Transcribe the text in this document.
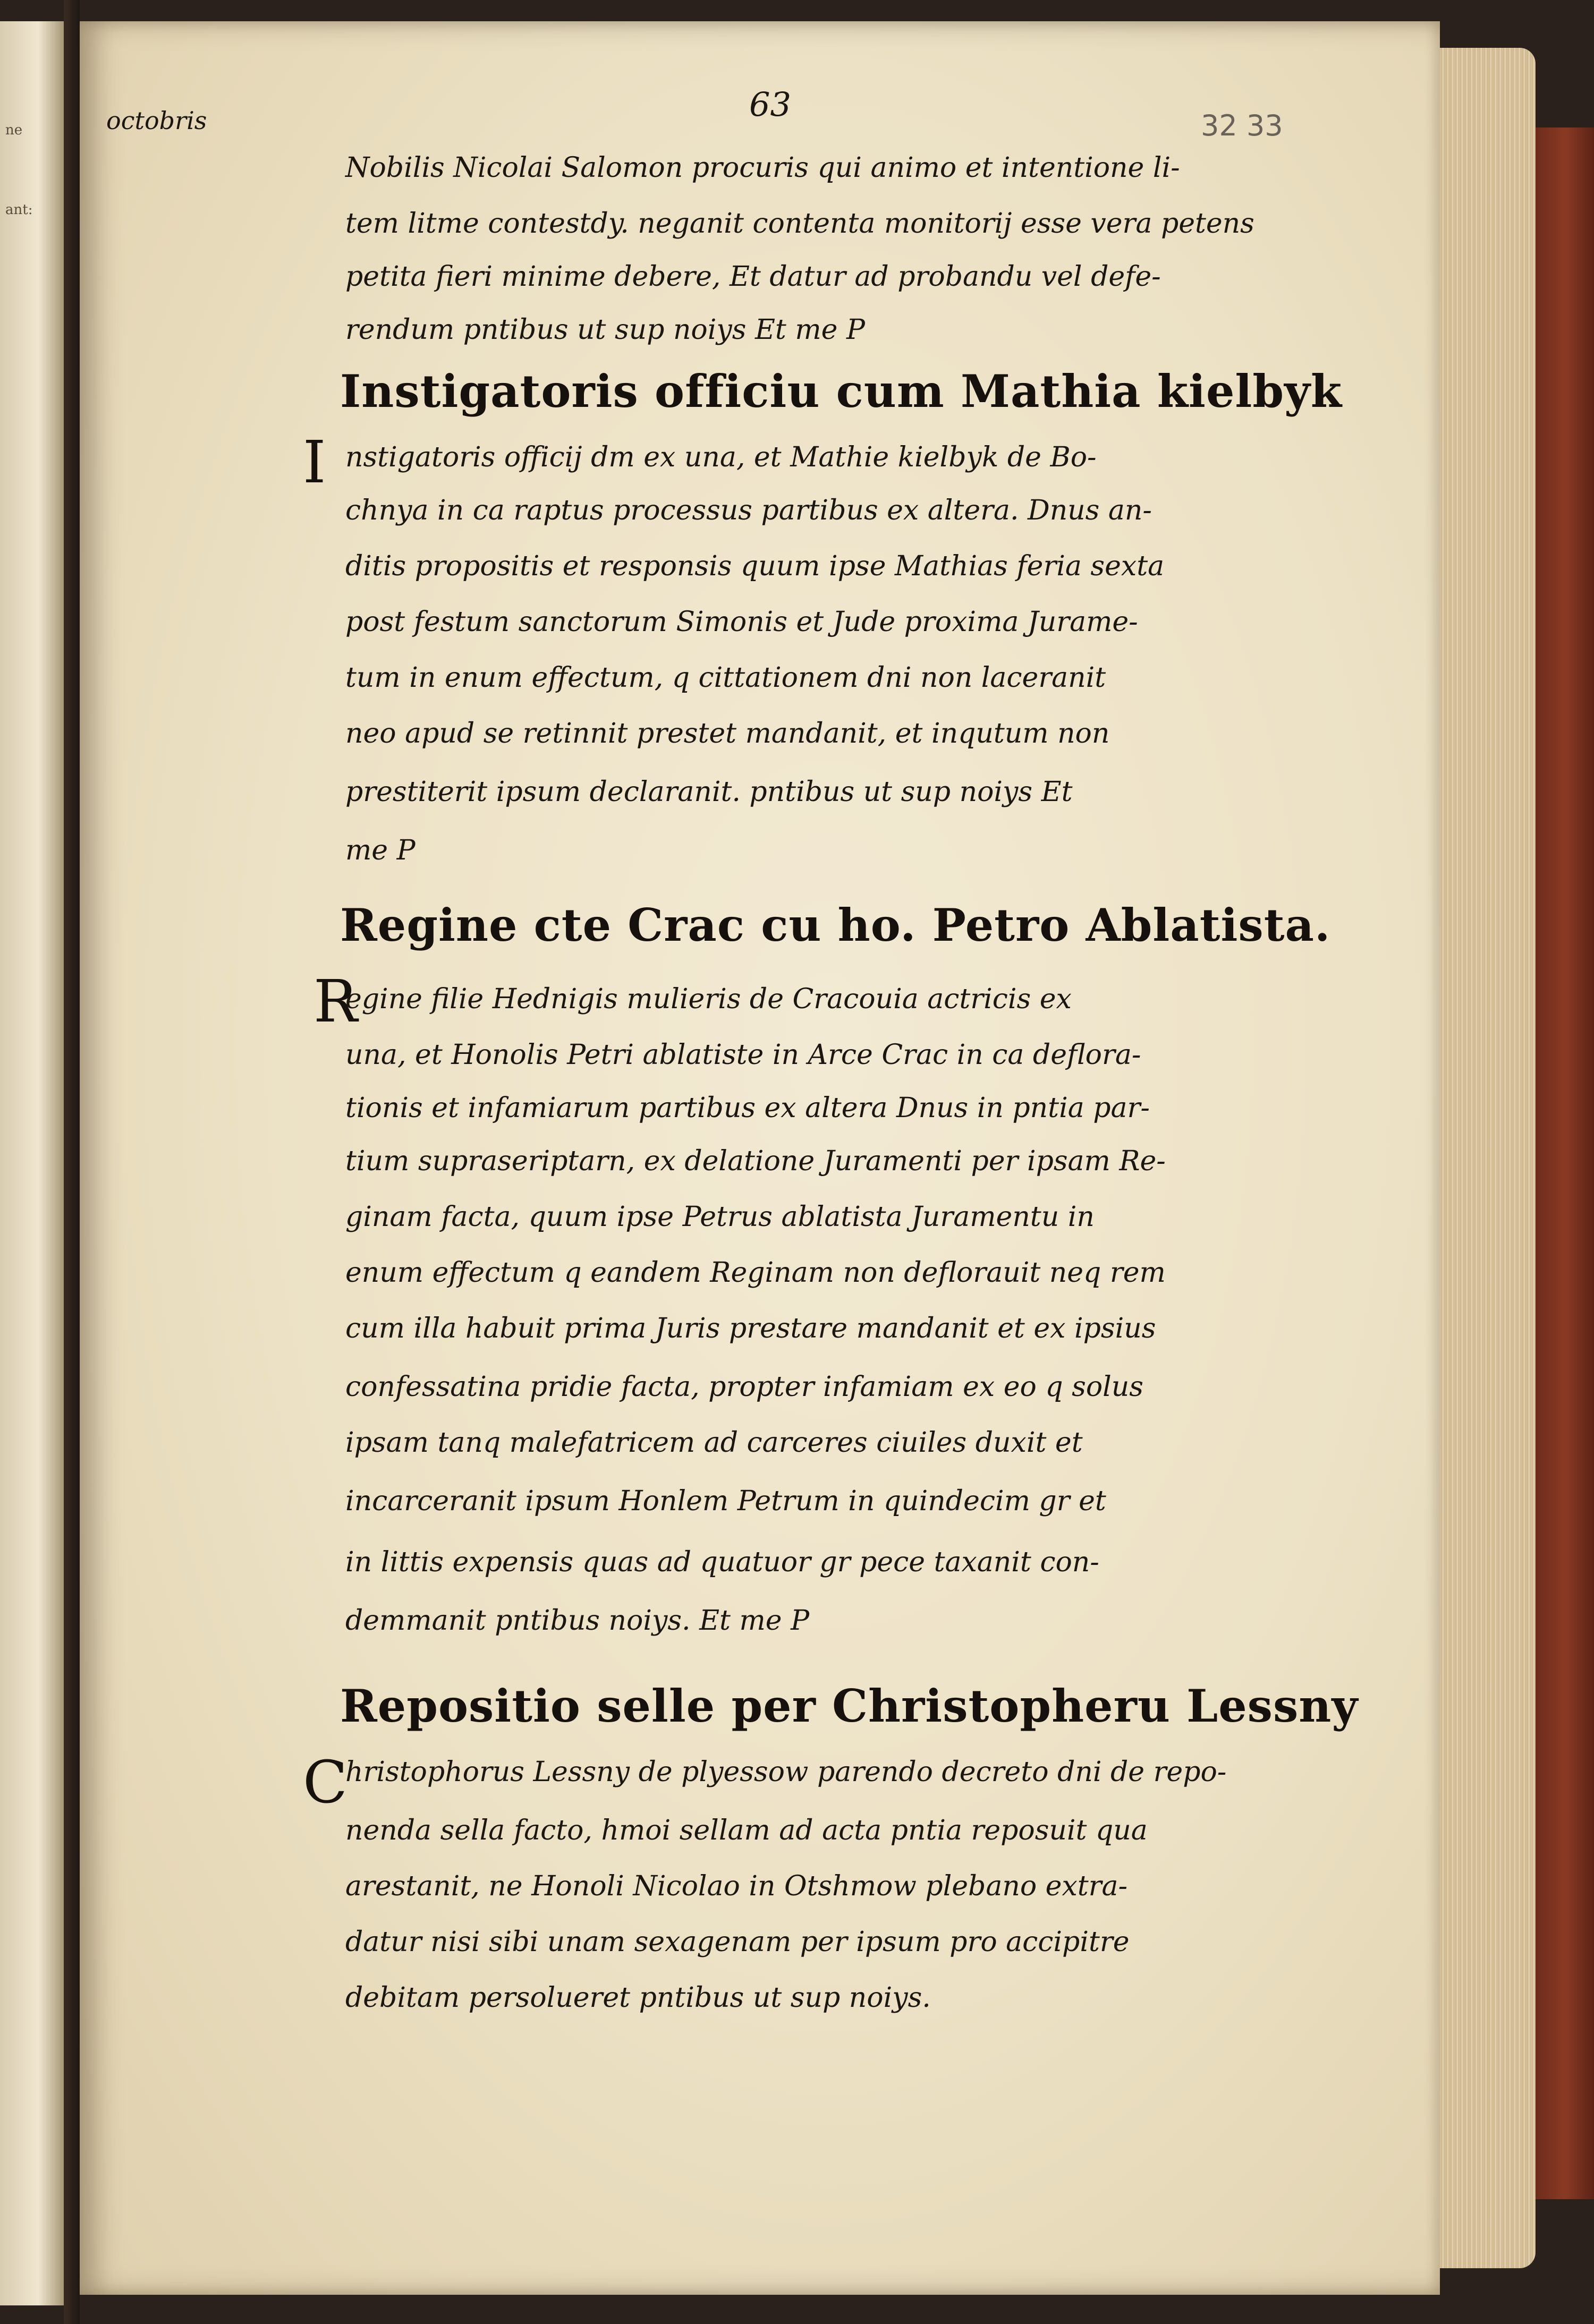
ne
ant:
octobris	63
32 33
Nobilis Nicolai Salomon procuris qui animo et intentione li-
tem litme contestdy. neganit contenta monitorij esse vera petens
petita fieri minime debere, Et datur ad probandu vel defe-
rendum pntibus ut sup noiys Et me P
Instigatoris officiu cum Mathia kielbyk
I nstigatoris officij dm ex una, et Mathie kielbyk de Bo-
chnya in ca raptus processus partibus ex altera. Dnus an-
ditis propositis et responsis quum ipse Mathias feria sexta
post festum sanctorum Simonis et Jude proxima Jurame-
tum in enum effectum, q cittationem dni non laceranit
neo apud se retinnit prestet mandanit, et inqutum non
prestiterit ipsum declaranit. pntibus ut sup noiys Et
me P
Regine cte Crac cu ho. Petro Ablatista.
R
egine filie Hednigis mulieris de Cracouia actricis ex
una, et Honolis Petri ablatiste in Arce Crac in ca deflora-
tionis et infamiarum partibus ex altera Dnus in pntia par-
tium supraseriptarn, ex delatione Juramenti per ipsam Re-
ginam facta, quum ipse Petrus ablatista Juramentu in
enum effectum q eandem Reginam non deflorauit neq rem
cum illa habuit prima Juris prestare mandanit et ex ipsius
confessatina pridie facta, propter infamiam ex eo q solus
ipsam tanq malefatricem ad carceres ciuiles duxit et
incarceranit ipsum Honlem Petrum in quindecim gr et
in littis expensis quas ad quatuor gr pece taxanit con-
demmanit pntibus noiys. Et me P
Repositio selle per Christopheru Lessny
C
hristophorus Lessny de plyessow parendo decreto dni de repo-
nenda sella facto, hmoi sellam ad acta pntia reposuit qua
arestanit, ne Honoli Nicolao in Otshmow plebano extra-
datur nisi sibi unam sexagenam per ipsum pro accipitre
debitam persolueret pntibus ut sup noiys.
